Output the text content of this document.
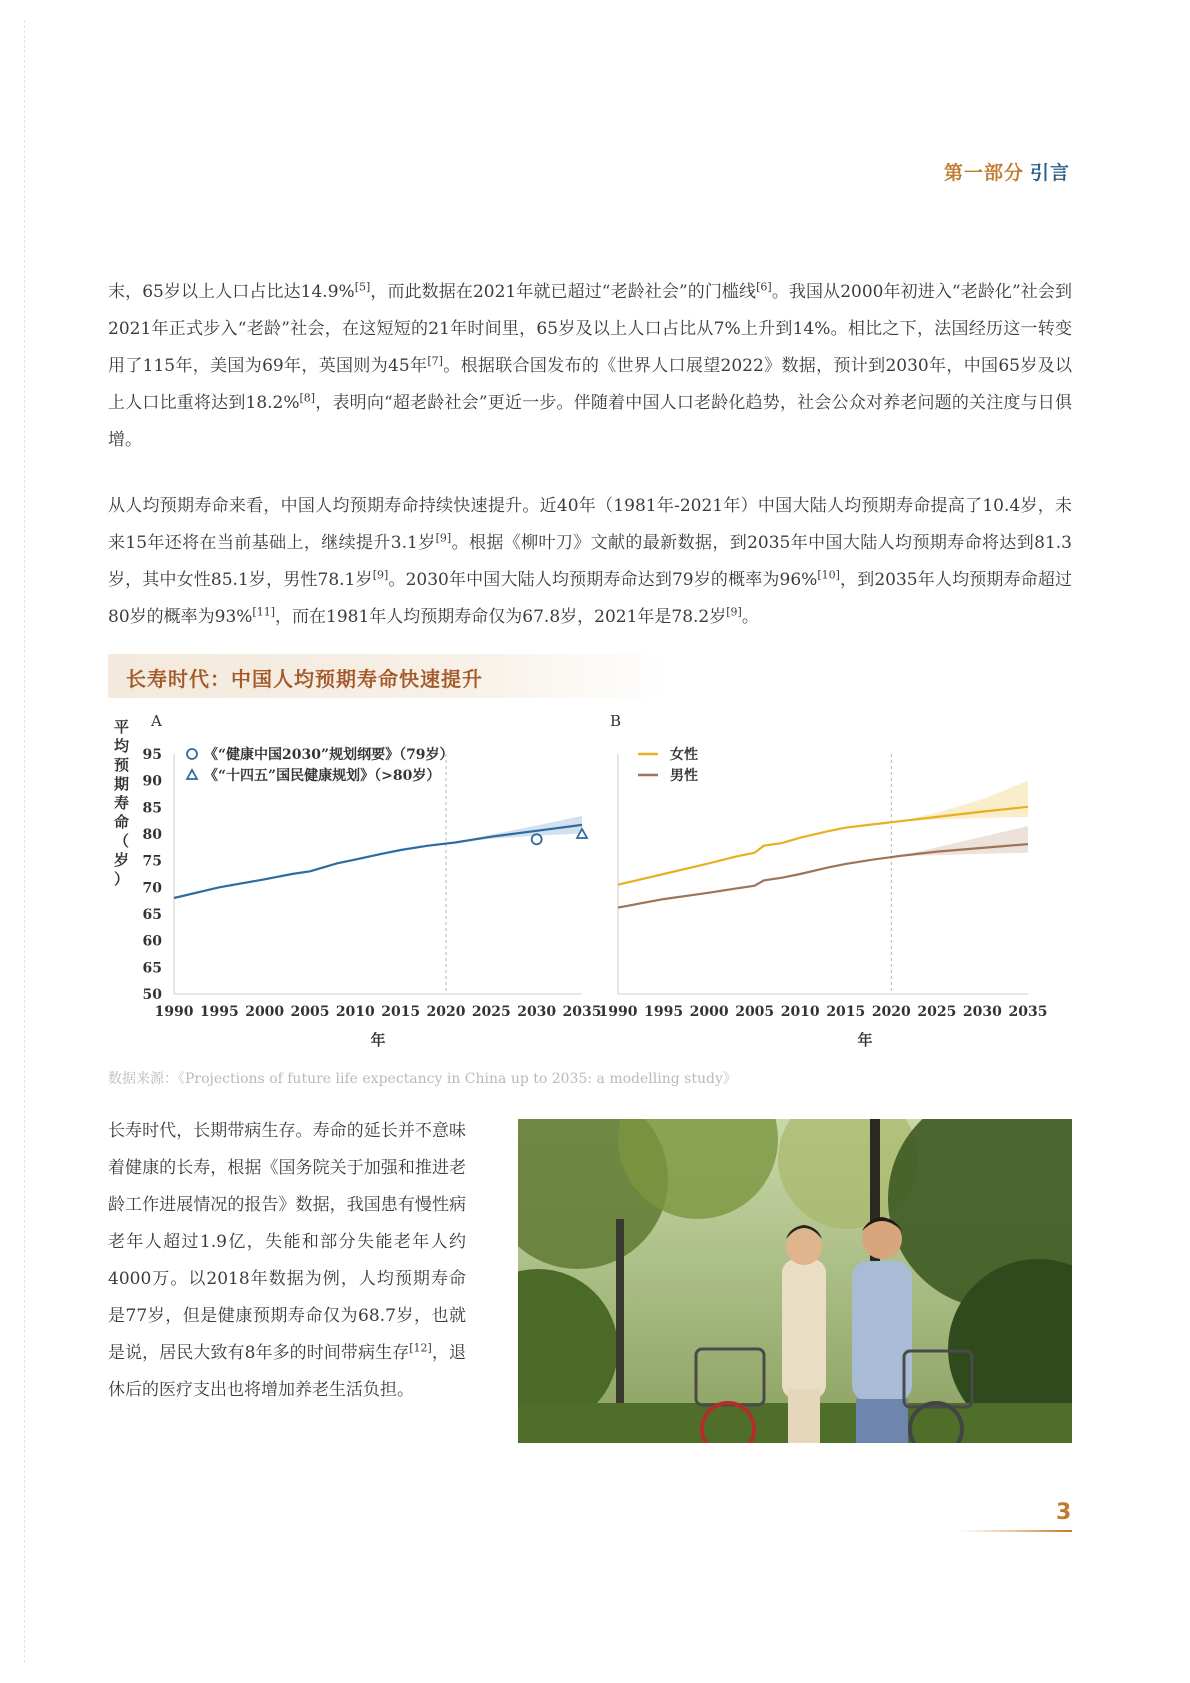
第一部分 引言

末，65岁以上人口占比达14.9%[5]，而此数据在2021年就已超过“老龄社会”的门槛线[6]。我国从2000年初进入“老龄化”社会到2021年正式步入“老龄”社会，在这短短的21年时间里，65岁及以上人口占比从7%上升到14%。相比之下，法国经历这一转变用了115年，美国为69年，英国则为45年[7]。根据联合国发布的《世界人口展望2022》数据，预计到2030年，中国65岁及以上人口比重将达到18.2%[8]，表明向“超老龄社会”更近一步。伴随着中国人口老龄化趋势，社会公众对养老问题的关注度与日俱增。

从人均预期寿命来看，中国人均预期寿命持续快速提升。近40年（1981年-2021年）中国大陆人均预期寿命提高了10.4岁，未来15年还将在当前基础上，继续提升3.1岁[9]。根据《柳叶刀》文献的最新数据，到2035年中国大陆人均预期寿命将达到81.3岁，其中女性85.1岁，男性78.1岁[9]。2030年中国大陆人均预期寿命达到79岁的概率为96%[10]，到2035年人均预期寿命超过80岁的概率为93%[11]，而在1981年人均预期寿命仅为67.8岁，2021年是78.2岁[9]。

长寿时代：中国人均预期寿命快速提升
A
平均预期寿命（岁）
95
90
85
80
75
70
65
60
65
50
《“健康中国2030”规划纲要》（79岁）
《“十四五”国民健康规划》（>80岁）
1990 1995 2000 2005 2010 2015 2020 2025 2030 2035
年
B
女性
男性
1990 1995 2000 2005 2010 2015 2020 2025 2030 2035
年
数据来源：《Projections of future life expectancy in China up to 2035: a modelling study》

长寿时代，长期带病生存。寿命的延长并不意味着健康的长寿，根据《国务院关于加强和推进老龄工作进展情况的报告》数据，我国患有慢性病老年人超过1.9亿，失能和部分失能老年人约4000万。以2018年数据为例，人均预期寿命是77岁，但是健康预期寿命仅为68.7岁，也就是说，居民大致有8年多的时间带病生存[12]，退休后的医疗支出也将增加养老生活负担。

3
